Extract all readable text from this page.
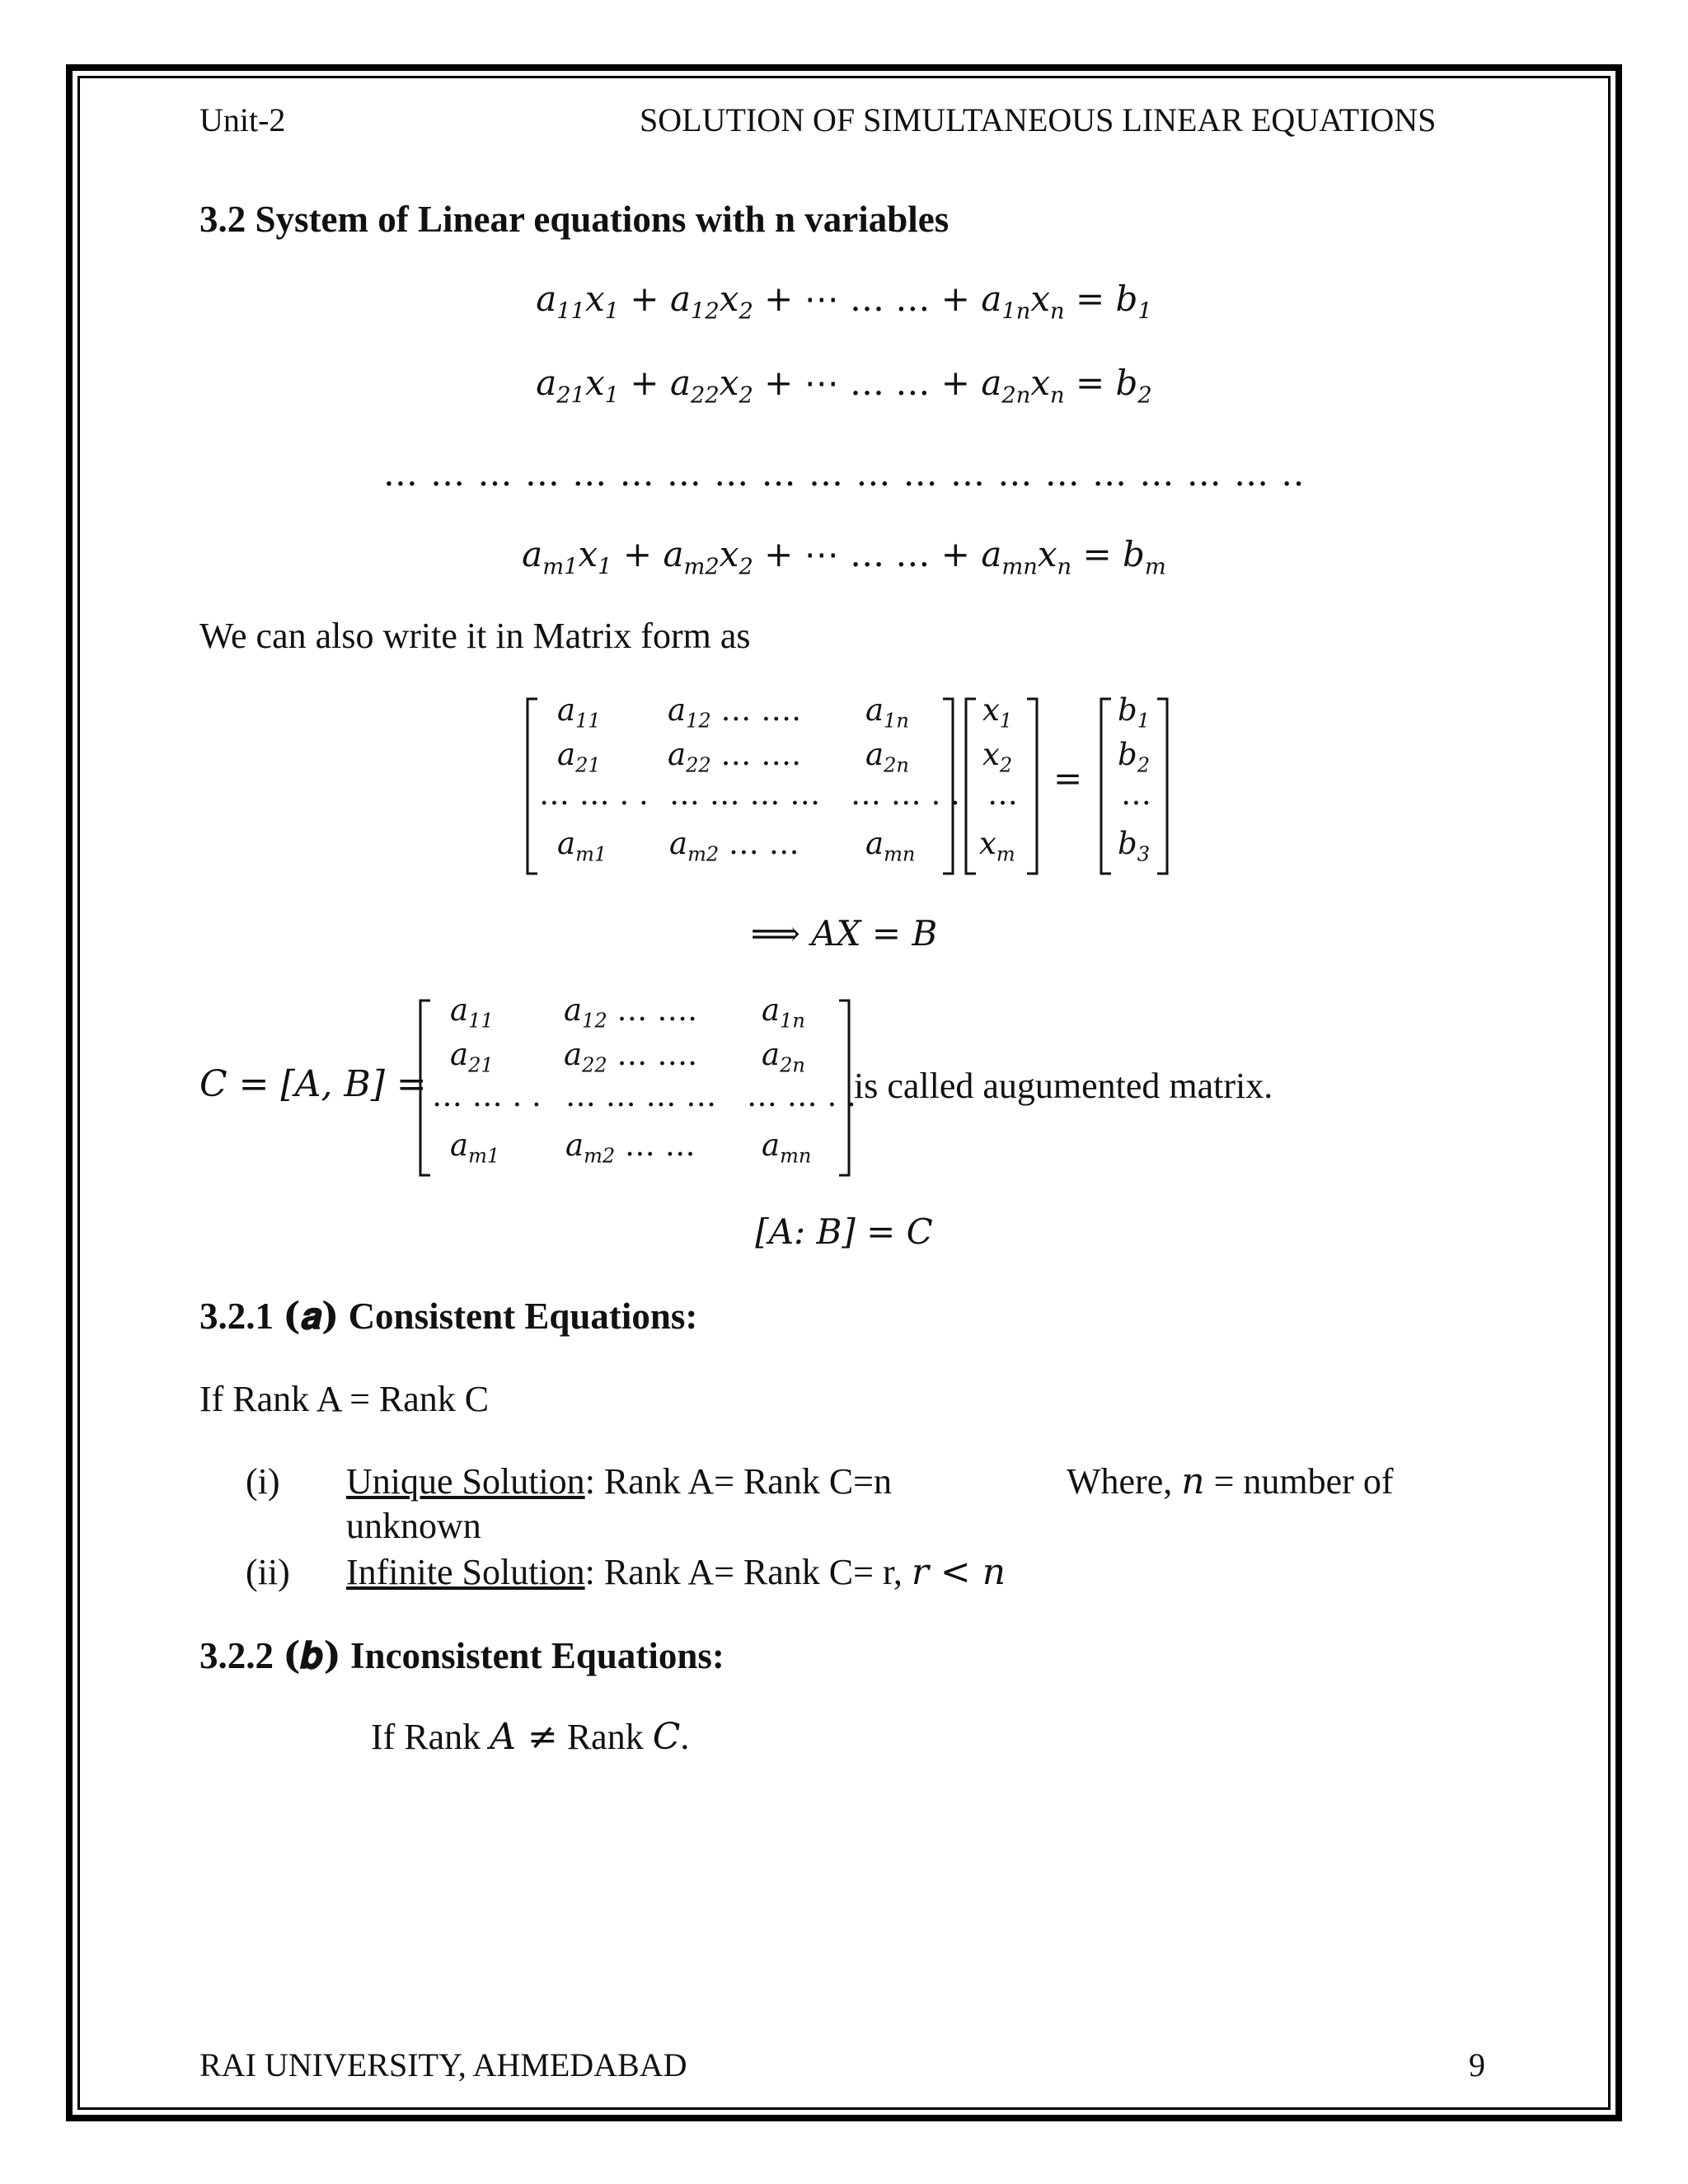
Unit-2	SOLUTION OF SIMULTANEOUS LINEAR EQUATIONS
3.2 System of Linear equations with n variables
$a_{11}x_1 + a_{12}x_2$ + ⋯ … … + $a_{1n}x_n = b_1$
$a_{21}x_1 + a_{22}x_2$ + ⋯ … … + $a_{2n}x_n = b_2$
… … … … … … … … … … … … … … … … … … … ..
$a_{m1}x_1 + a_{m2}x_2$ + ⋯ … … + $a_{mn}x_n = b_m$
We can also write it in Matrix form as
$a_{11}$ $a_{12}$ … …. $a_{1n}$
$a_{21}$ $a_{22}$ … …. $a_{2n}$
… … . . … … … … … … . .
$a_{m1}$ $a_{m2}$ … … $a_{mn}$
$x_1$
$x_2$
…
$x_m$
=
$b_1$
$b_2$
…
$b_3$
⟹ AX = B
C = [A, B] =
$a_{11}$ $a_{12}$ … …. $a_{1n}$
$a_{21}$ $a_{22}$ … …. $a_{2n}$
… … . . … … … … … … . .
$a_{m1}$ $a_{m2}$ … … $a_{mn}$
is called augumented matrix.
[A: B] = C
3.2.1 (𝒂) Consistent Equations:
If Rank A = Rank C
(i) Unique Solution: Rank A= Rank C=n	Where, n = number of
unknown
(ii) Infinite Solution: Rank A= Rank C= r, r < n
3.2.2 (𝒃) Inconsistent Equations:
If Rank A ≠ Rank C.
RAI UNIVERSITY, AHMEDABAD	9
